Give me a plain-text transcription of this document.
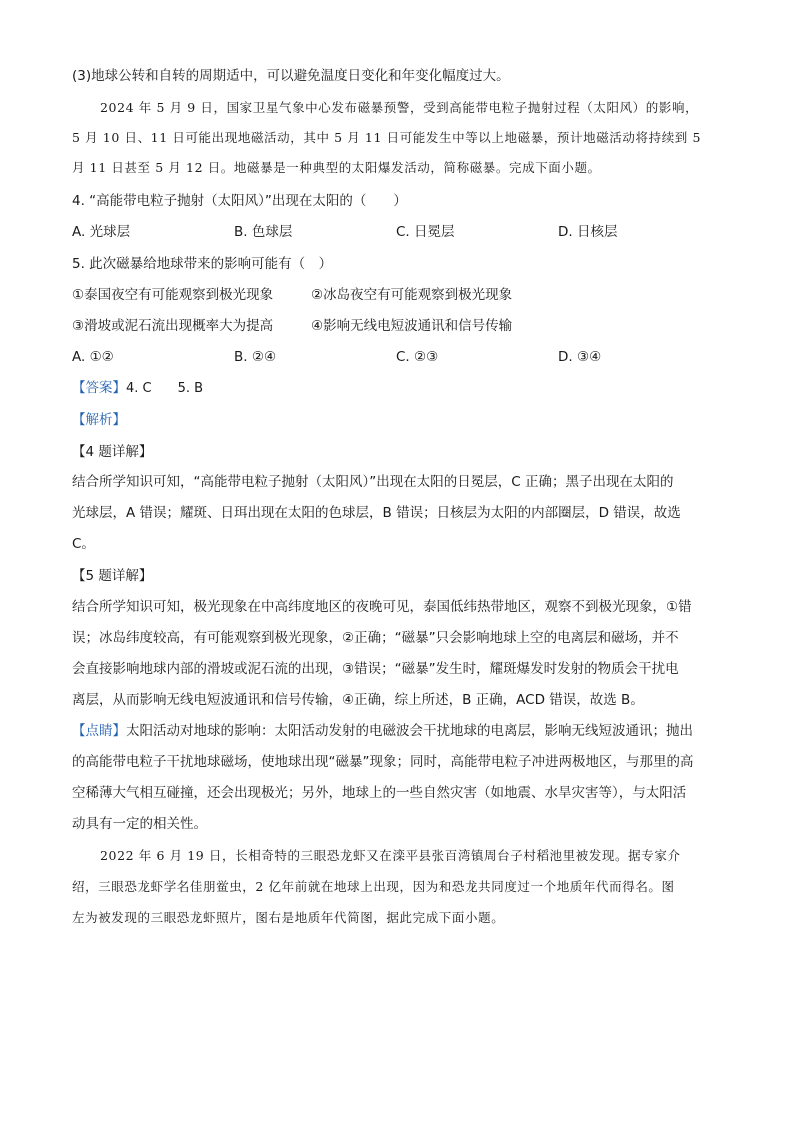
(3)地球公转和自转的周期适中，可以避免温度日变化和年变化幅度过大。
2024 年 5 月 9 日，国家卫星气象中心发布磁暴预警，受到高能带电粒子抛射过程（太阳风）的影响，
5 月 10 日、11 日可能出现地磁活动，其中 5 月 11 日可能发生中等以上地磁暴，预计地磁活动将持续到 5
月 11 日甚至 5 月 12 日。地磁暴是一种典型的太阳爆发活动，简称磁暴。完成下面小题。
4. “高能带电粒子抛射（太阳风）”出现在太阳的（　　）
A. 光球层	B. 色球层	C. 日冕层	D. 日核层
5. 此次磁暴给地球带来的影响可能有（　）
①泰国夜空有可能观察到极光现象	②冰岛夜空有可能观察到极光现象
③滑坡或泥石流出现概率大为提高	④影响无线电短波通讯和信号传输
A. ①②	B. ②④	C. ②③	D. ③④
【答案】4. C　　5. B
【解析】
【4 题详解】
结合所学知识可知，“高能带电粒子抛射（太阳风）”出现在太阳的日冕层，C 正确；黑子出现在太阳的
光球层，A 错误；耀斑、日珥出现在太阳的色球层，B 错误；日核层为太阳的内部圈层，D 错误，故选
C。
【5 题详解】
结合所学知识可知，极光现象在中高纬度地区的夜晚可见，泰国低纬热带地区，观察不到极光现象，①错
误；冰岛纬度较高，有可能观察到极光现象，②正确；“磁暴”只会影响地球上空的电离层和磁场，并不
会直接影响地球内部的滑坡或泥石流的出现，③错误；“磁暴”发生时，耀斑爆发时发射的物质会干扰电
离层，从而影响无线电短波通讯和信号传输，④正确，综上所述，B 正确，ACD 错误，故选 B。
【点睛】太阳活动对地球的影响：太阳活动发射的电磁波会干扰地球的电离层，影响无线短波通讯；抛出
的高能带电粒子干扰地球磁场，使地球出现“磁暴”现象；同时，高能带电粒子冲进两极地区，与那里的高
空稀薄大气相互碰撞，还会出现极光；另外，地球上的一些自然灾害（如地震、水旱灾害等），与太阳活
动具有一定的相关性。
2022 年 6 月 19 日，长相奇特的三眼恐龙虾又在滦平县张百湾镇周台子村稻池里被发现。据专家介
绍，三眼恐龙虾学名佳朋鲎虫，2 亿年前就在地球上出现，因为和恐龙共同度过一个地质年代而得名。图
左为被发现的三眼恐龙虾照片，图右是地质年代简图，据此完成下面小题。
